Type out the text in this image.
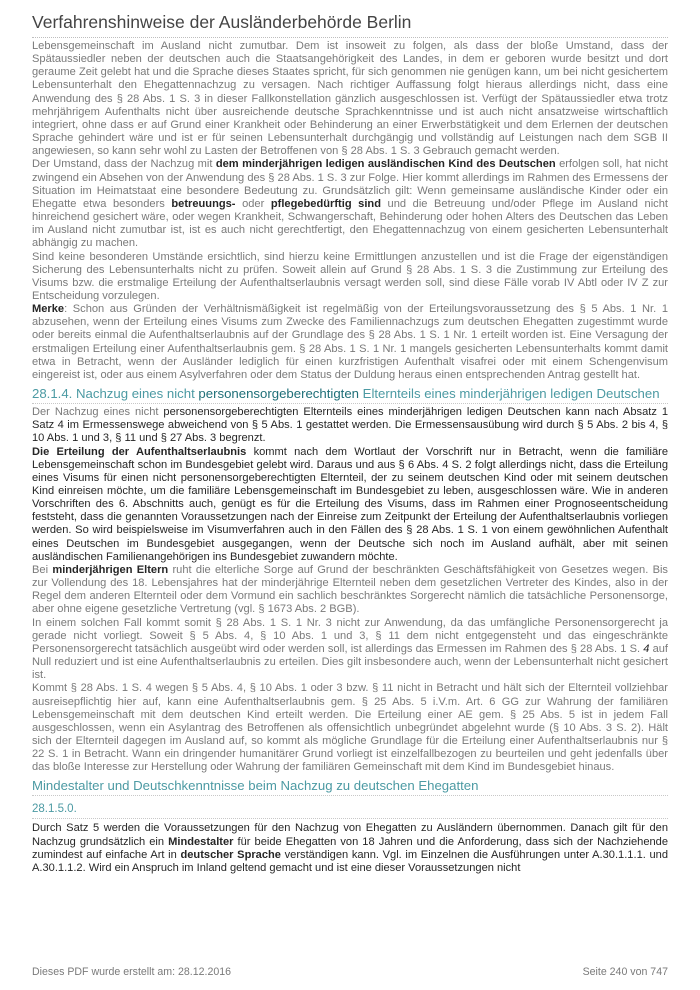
Verfahrenshinweise der Ausländerbehörde Berlin

Lebensgemeinschaft im Ausland nicht zumutbar. Dem ist insoweit zu folgen, als dass der bloße Umstand, dass der Spätaussiedler neben der deutschen auch die Staatsangehörigkeit des Landes, in dem er geboren wurde besitzt und dort geraume Zeit gelebt hat und die Sprache dieses Staates spricht, für sich genommen nie genügen kann, um bei nicht gesichertem Lebensunterhalt den Ehegattennachzug zu versagen. Nach richtiger Auffassung folgt hieraus allerdings nicht, dass eine Anwendung des § 28 Abs. 1 S. 3 in dieser Fallkonstellation gänzlich ausgeschlossen ist. Verfügt der Spätaussiedler etwa trotz mehrjährigem Aufenthalts nicht über ausreichende deutsche Sprachkenntnisse und ist auch nicht ansatzweise wirtschaftlich integriert, ohne dass er auf Grund einer Krankheit oder Behinderung an einer Erwerbstätigkeit und dem Erlernen der deutschen Sprache gehindert wäre und ist er für seinen Lebensunterhalt durchgängig und vollständig auf Leistungen nach dem SGB II angewiesen, so kann sehr wohl zu Lasten der Betroffenen von § 28 Abs. 1 S. 3 Gebrauch gemacht werden.

Der Umstand, dass der Nachzug mit dem minderjährigen ledigen ausländischen Kind des Deutschen erfolgen soll, hat nicht zwingend ein Absehen von der Anwendung des § 28 Abs. 1 S. 3 zur Folge. Hier kommt allerdings im Rahmen des Ermessens der Situation im Heimatstaat eine besondere Bedeutung zu. Grundsätzlich gilt: Wenn gemeinsame ausländische Kinder oder ein Ehegatte etwa besonders betreuungs- oder pflegebedürftig sind und die Betreuung und/oder Pflege im Ausland nicht hinreichend gesichert wäre, oder wegen Krankheit, Schwangerschaft, Behinderung oder hohen Alters des Deutschen das Leben im Ausland nicht zumutbar ist, ist es auch nicht gerechtfertigt, den Ehegattennachzug von einem gesicherten Lebensunterhalt abhängig zu machen.

Sind keine besonderen Umstände ersichtlich, sind hierzu keine Ermittlungen anzustellen und ist die Frage der eigenständigen Sicherung des Lebensunterhalts nicht zu prüfen. Soweit allein auf Grund § 28 Abs. 1 S. 3 die Zustimmung zur Erteilung des Visums bzw. die erstmalige Erteilung der Aufenthaltserlaubnis versagt werden soll, sind diese Fälle vorab IV Abtl oder IV Z zur Entscheidung vorzulegen.

Merke: Schon aus Gründen der Verhältnismäßigkeit ist regelmäßig von der Erteilungsvoraussetzung des § 5 Abs. 1 Nr. 1 abzusehen, wenn der Erteilung eines Visums zum Zwecke des Familiennachzugs zum deutschen Ehegatten zugestimmt wurde oder bereits einmal die Aufenthaltserlaubnis auf der Grundlage des § 28 Abs. 1 S. 1 Nr. 1 erteilt worden ist. Eine Versagung der erstmaligen Erteilung einer Aufenthaltserlaubnis gem. § 28 Abs. 1 S. 1 Nr. 1 mangels gesicherten Lebensunterhalts kommt damit etwa in Betracht, wenn der Ausländer lediglich für einen kurzfristigen Aufenthalt visafrei oder mit einem Schengenvisum eingereist ist, oder aus einem Asylverfahren oder dem Status der Duldung heraus einen entsprechenden Antrag gestellt hat.

28.1.4. Nachzug eines nicht personensorgeberechtigten Elternteils eines minderjährigen ledigen Deutschen

Der Nachzug eines nicht personensorgeberechtigten Elternteils eines minderjährigen ledigen Deutschen kann nach Absatz 1 Satz 4 im Ermessenswege abweichend von § 5 Abs. 1 gestattet werden. Die Ermessensausübung wird durch § 5 Abs. 2 bis 4, § 10 Abs. 1 und 3, § 11 und § 27 Abs. 3 begrenzt.

Die Erteilung der Aufenthaltserlaubnis kommt nach dem Wortlaut der Vorschrift nur in Betracht, wenn die familiäre Lebensgemeinschaft schon im Bundesgebiet gelebt wird. Daraus und aus § 6 Abs. 4 S. 2 folgt allerdings nicht, dass die Erteilung eines Visums für einen nicht personensorgeberechtigten Elternteil, der zu seinem deutschen Kind oder mit seinem deutschen Kind einreisen möchte, um die familiäre Lebensgemeinschaft im Bundesgebiet zu leben, ausgeschlossen wäre. Wie in anderen Vorschriften des 6. Abschnitts auch, genügt es für die Erteilung des Visums, dass im Rahmen einer Prognoseentscheidung feststeht, dass die genannten Voraussetzungen nach der Einreise zum Zeitpunkt der Erteilung der Aufenthaltserlaubnis vorliegen werden. So wird beispielsweise im Visumverfahren auch in den Fällen des § 28 Abs. 1 S. 1 von einem gewöhnlichen Aufenthalt eines Deutschen im Bundesgebiet ausgegangen, wenn der Deutsche sich noch im Ausland aufhält, aber mit seinen ausländischen Familienangehörigen ins Bundesgebiet zuwandern möchte.

Bei minderjährigen Eltern ruht die elterliche Sorge auf Grund der beschränkten Geschäftsfähigkeit von Gesetzes wegen. Bis zur Vollendung des 18. Lebensjahres hat der minderjährige Elternteil neben dem gesetzlichen Vertreter des Kindes, also in der Regel dem anderen Elternteil oder dem Vormund ein sachlich beschränktes Sorgerecht nämlich die tatsächliche Personensorge, aber ohne eigene gesetzliche Vertretung (vgl. § 1673 Abs. 2 BGB).

In einem solchen Fall kommt somit § 28 Abs. 1 S. 1 Nr. 3 nicht zur Anwendung, da das umfängliche Personensorgerecht ja gerade nicht vorliegt. Soweit § 5 Abs. 4, § 10 Abs. 1 und 3, § 11 dem nicht entgegensteht und das eingeschränkte Personensorgerecht tatsächlich ausgeübt wird oder werden soll, ist allerdings das Ermessen im Rahmen des § 28 Abs. 1 S. 4 auf Null reduziert und ist eine Aufenthaltserlaubnis zu erteilen. Dies gilt insbesondere auch, wenn der Lebensunterhalt nicht gesichert ist.

Kommt § 28 Abs. 1 S. 4 wegen § 5 Abs. 4, § 10 Abs. 1 oder 3 bzw. § 11 nicht in Betracht und hält sich der Elternteil vollziehbar ausreisepflichtig hier auf, kann eine Aufenthaltserlaubnis gem. § 25 Abs. 5 i.V.m. Art. 6 GG zur Wahrung der familiären Lebensgemeinschaft mit dem deutschen Kind erteilt werden. Die Erteilung einer AE gem. § 25 Abs. 5 ist in jedem Fall ausgeschlossen, wenn ein Asylantrag des Betroffenen als offensichtlich unbegründet abgelehnt wurde (§ 10 Abs. 3 S. 2). Hält sich der Elternteil dagegen im Ausland auf, so kommt als mögliche Grundlage für die Erteilung einer Aufenthaltserlaubnis nur § 22 S. 1 in Betracht. Wann ein dringender humanitärer Grund vorliegt ist einzelfallbezogen zu beurteilen und geht jedenfalls über das bloße Interesse zur Herstellung oder Wahrung der familiären Gemeinschaft mit dem Kind im Bundesgebiet hinaus.

Mindestalter und Deutschkenntnisse beim Nachzug zu deutschen Ehegatten
28.1.5.0.

Durch Satz 5 werden die Voraussetzungen für den Nachzug von Ehegatten zu Ausländern übernommen. Danach gilt für den Nachzug grundsätzlich ein Mindestalter für beide Ehegatten von 18 Jahren und die Anforderung, dass sich der Nachziehende zumindest auf einfache Art in deutscher Sprache verständigen kann. Vgl. im Einzelnen die Ausführungen unter A.30.1.1.1. und A.30.1.1.2. Wird ein Anspruch im Inland geltend gemacht und ist eine dieser Voraussetzungen nicht

Dieses PDF wurde erstellt am: 28.12.2016	Seite 240 von 747
